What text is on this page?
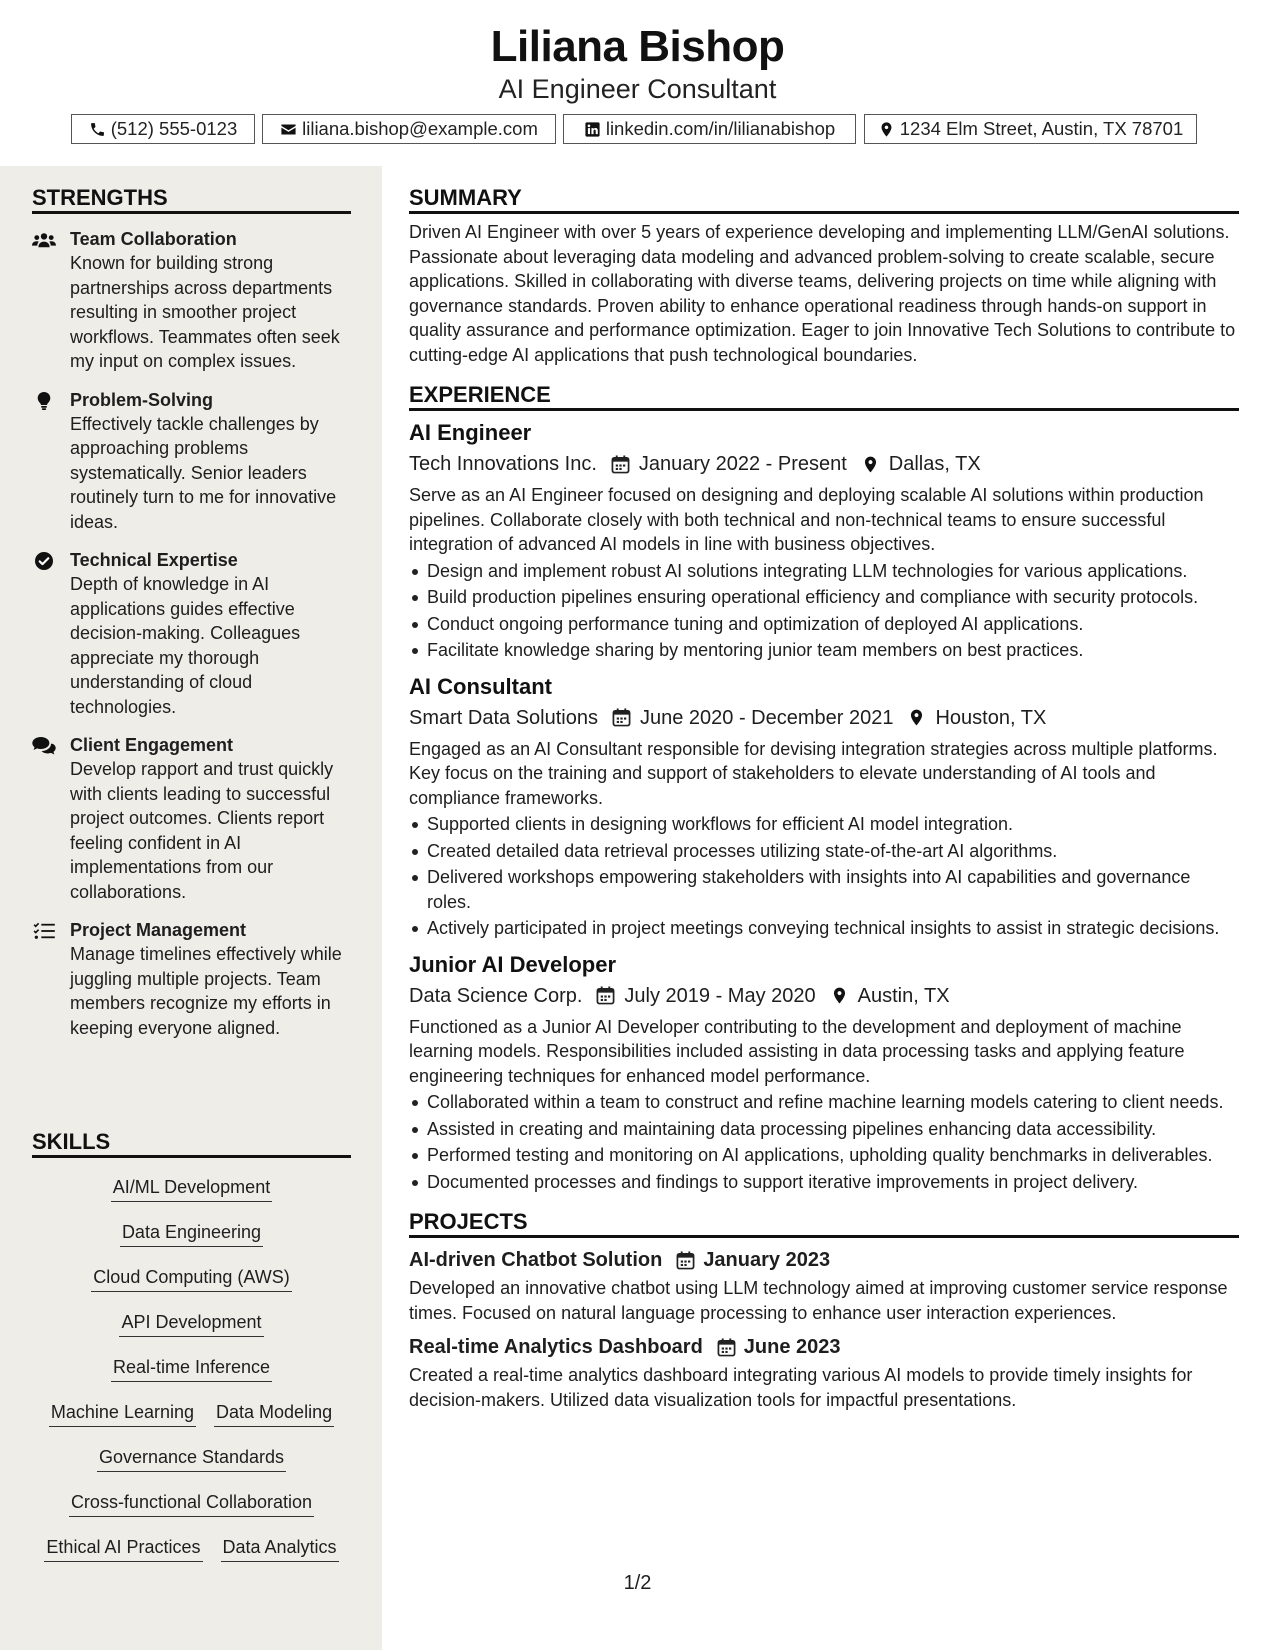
Liliana Bishop
AI Engineer Consultant
(512) 555-0123	liliana.bishop@example.com	linkedin.com/in/lilianabishop	1234 Elm Street, Austin, TX 78701
STRENGTHS
Team Collaboration
Known for building strong partnerships across departments resulting in smoother project workflows. Teammates often seek my input on complex issues.
Problem-Solving
Effectively tackle challenges by approaching problems systematically. Senior leaders routinely turn to me for innovative ideas.
Technical Expertise
Depth of knowledge in AI applications guides effective decision-making. Colleagues appreciate my thorough understanding of cloud technologies.
Client Engagement
Develop rapport and trust quickly with clients leading to successful project outcomes. Clients report feeling confident in AI implementations from our collaborations.
Project Management
Manage timelines effectively while juggling multiple projects. Team members recognize my efforts in keeping everyone aligned.
SKILLS
AI/ML Development
Data Engineering
Cloud Computing (AWS)
API Development
Real-time Inference
Machine Learning Data Modeling
Governance Standards
Cross-functional Collaboration
Ethical AI Practices Data Analytics
SUMMARY

Driven AI Engineer with over 5 years of experience developing and implementing LLM/GenAI solutions. Passionate about leveraging data modeling and advanced problem-solving to create scalable, secure applications. Skilled in collaborating with diverse teams, delivering projects on time while aligning with governance standards. Proven ability to enhance operational readiness through hands-on support in quality assurance and performance optimization. Eager to join Innovative Tech Solutions to contribute to cutting-edge AI applications that push technological boundaries.

EXPERIENCE
AI Engineer
Tech Innovations Inc. January 2022 - Present Dallas, TX

Serve as an AI Engineer focused on designing and deploying scalable AI solutions within production pipelines. Collaborate closely with both technical and non-technical teams to ensure successful integration of advanced AI models in line with business objectives.

Design and implement robust AI solutions integrating LLM technologies for various applications.
Build production pipelines ensuring operational efficiency and compliance with security protocols.
Conduct ongoing performance tuning and optimization of deployed AI applications.
Facilitate knowledge sharing by mentoring junior team members on best practices.
AI Consultant
Smart Data Solutions June 2020 - December 2021 Houston, TX

Engaged as an AI Consultant responsible for devising integration strategies across multiple platforms. Key focus on the training and support of stakeholders to elevate understanding of AI tools and compliance frameworks.

Supported clients in designing workflows for efficient AI model integration.
Created detailed data retrieval processes utilizing state-of-the-art AI algorithms.
Delivered workshops empowering stakeholders with insights into AI capabilities and governance roles.
Actively participated in project meetings conveying technical insights to assist in strategic decisions.
Junior AI Developer
Data Science Corp. July 2019 - May 2020 Austin, TX

Functioned as a Junior AI Developer contributing to the development and deployment of machine learning models. Responsibilities included assisting in data processing tasks and applying feature engineering techniques for enhanced model performance.

Collaborated within a team to construct and refine machine learning models catering to client needs.
Assisted in creating and maintaining data processing pipelines enhancing data accessibility.
Performed testing and monitoring on AI applications, upholding quality benchmarks in deliverables.
Documented processes and findings to support iterative improvements in project delivery.
PROJECTS
AI-driven Chatbot Solution January 2023

Developed an innovative chatbot using LLM technology aimed at improving customer service response times. Focused on natural language processing to enhance user interaction experiences.

Real-time Analytics Dashboard June 2023

Created a real-time analytics dashboard integrating various AI models to provide timely insights for decision-makers. Utilized data visualization tools for impactful presentations.

1/2
